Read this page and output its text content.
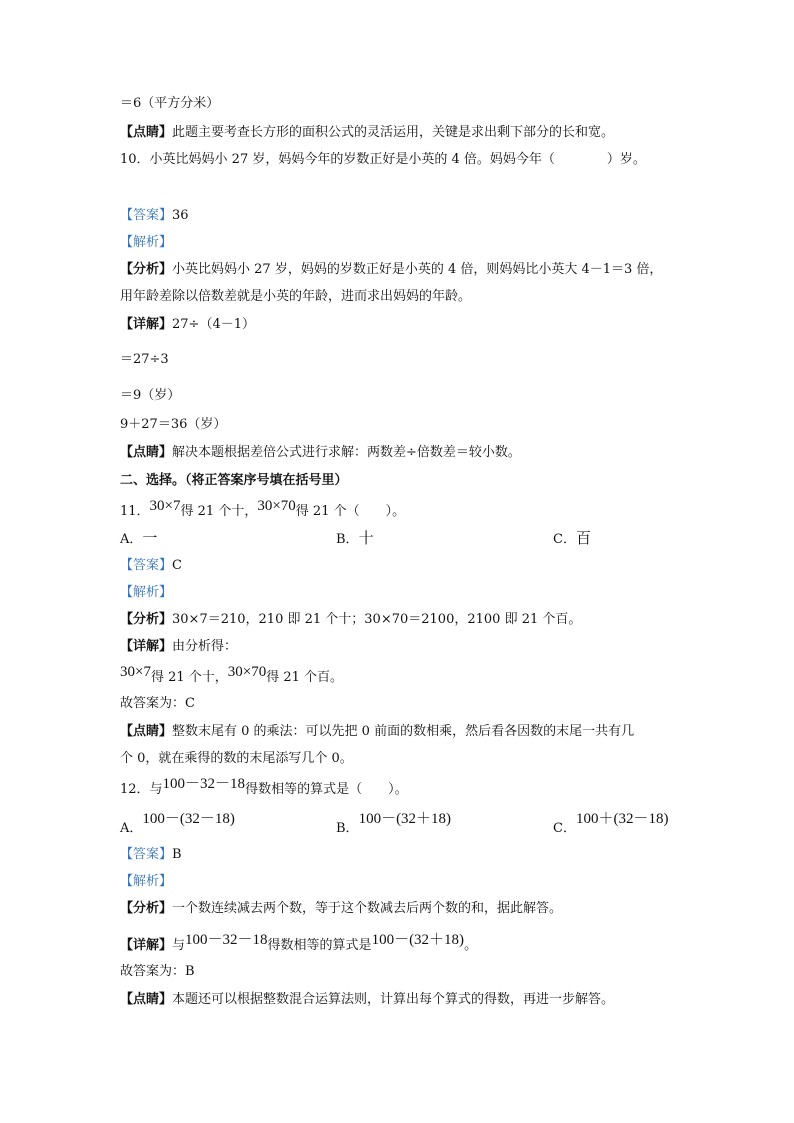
＝6（平方分米）
【点睛】此题主要考查长方形的面积公式的灵活运用，关键是求出剩下部分的长和宽。
10．小英比妈妈小 27 岁，妈妈今年的岁数正好是小英的 4 倍。妈妈今年（　　　　）岁。
【答案】36
【解析】
【分析】小英比妈妈小 27 岁，妈妈的岁数正好是小英的 4 倍，则妈妈比小英大 4－1＝3 倍，
用年龄差除以倍数差就是小英的年龄，进而求出妈妈的年龄。
【详解】27÷（4－1）
＝27÷3
＝9（岁）
9＋27＝36（岁）
【点睛】解决本题根据差倍公式进行求解：两数差÷倍数差＝较小数。
二、选择。（将正答案序号填在括号里）
11．30×7得 21 个十，30×70得 21 个（　　）。
A．一	B．十	C．百
【答案】C
【解析】
【分析】30×7＝210，210 即 21 个十；30×70＝2100，2100 即 21 个百。
【详解】由分析得：
30×7得 21 个十，30×70得 21 个百。
故答案为：C
【点睛】整数末尾有 0 的乘法：可以先把 0 前面的数相乘，然后看各因数的末尾一共有几
个 0，就在乘得的数的末尾添写几个 0。
12．与100－32－18得数相等的算式是（　　）。
A．100－(32－18)
B．100－(32＋18)
C．100＋(32－18)
【答案】B
【解析】
【分析】一个数连续减去两个数，等于这个数减去后两个数的和，据此解答。
【详解】与100－32－18得数相等的算式是100－(32＋18)。
故答案为：B
【点睛】本题还可以根据整数混合运算法则，计算出每个算式的得数，再进一步解答。
